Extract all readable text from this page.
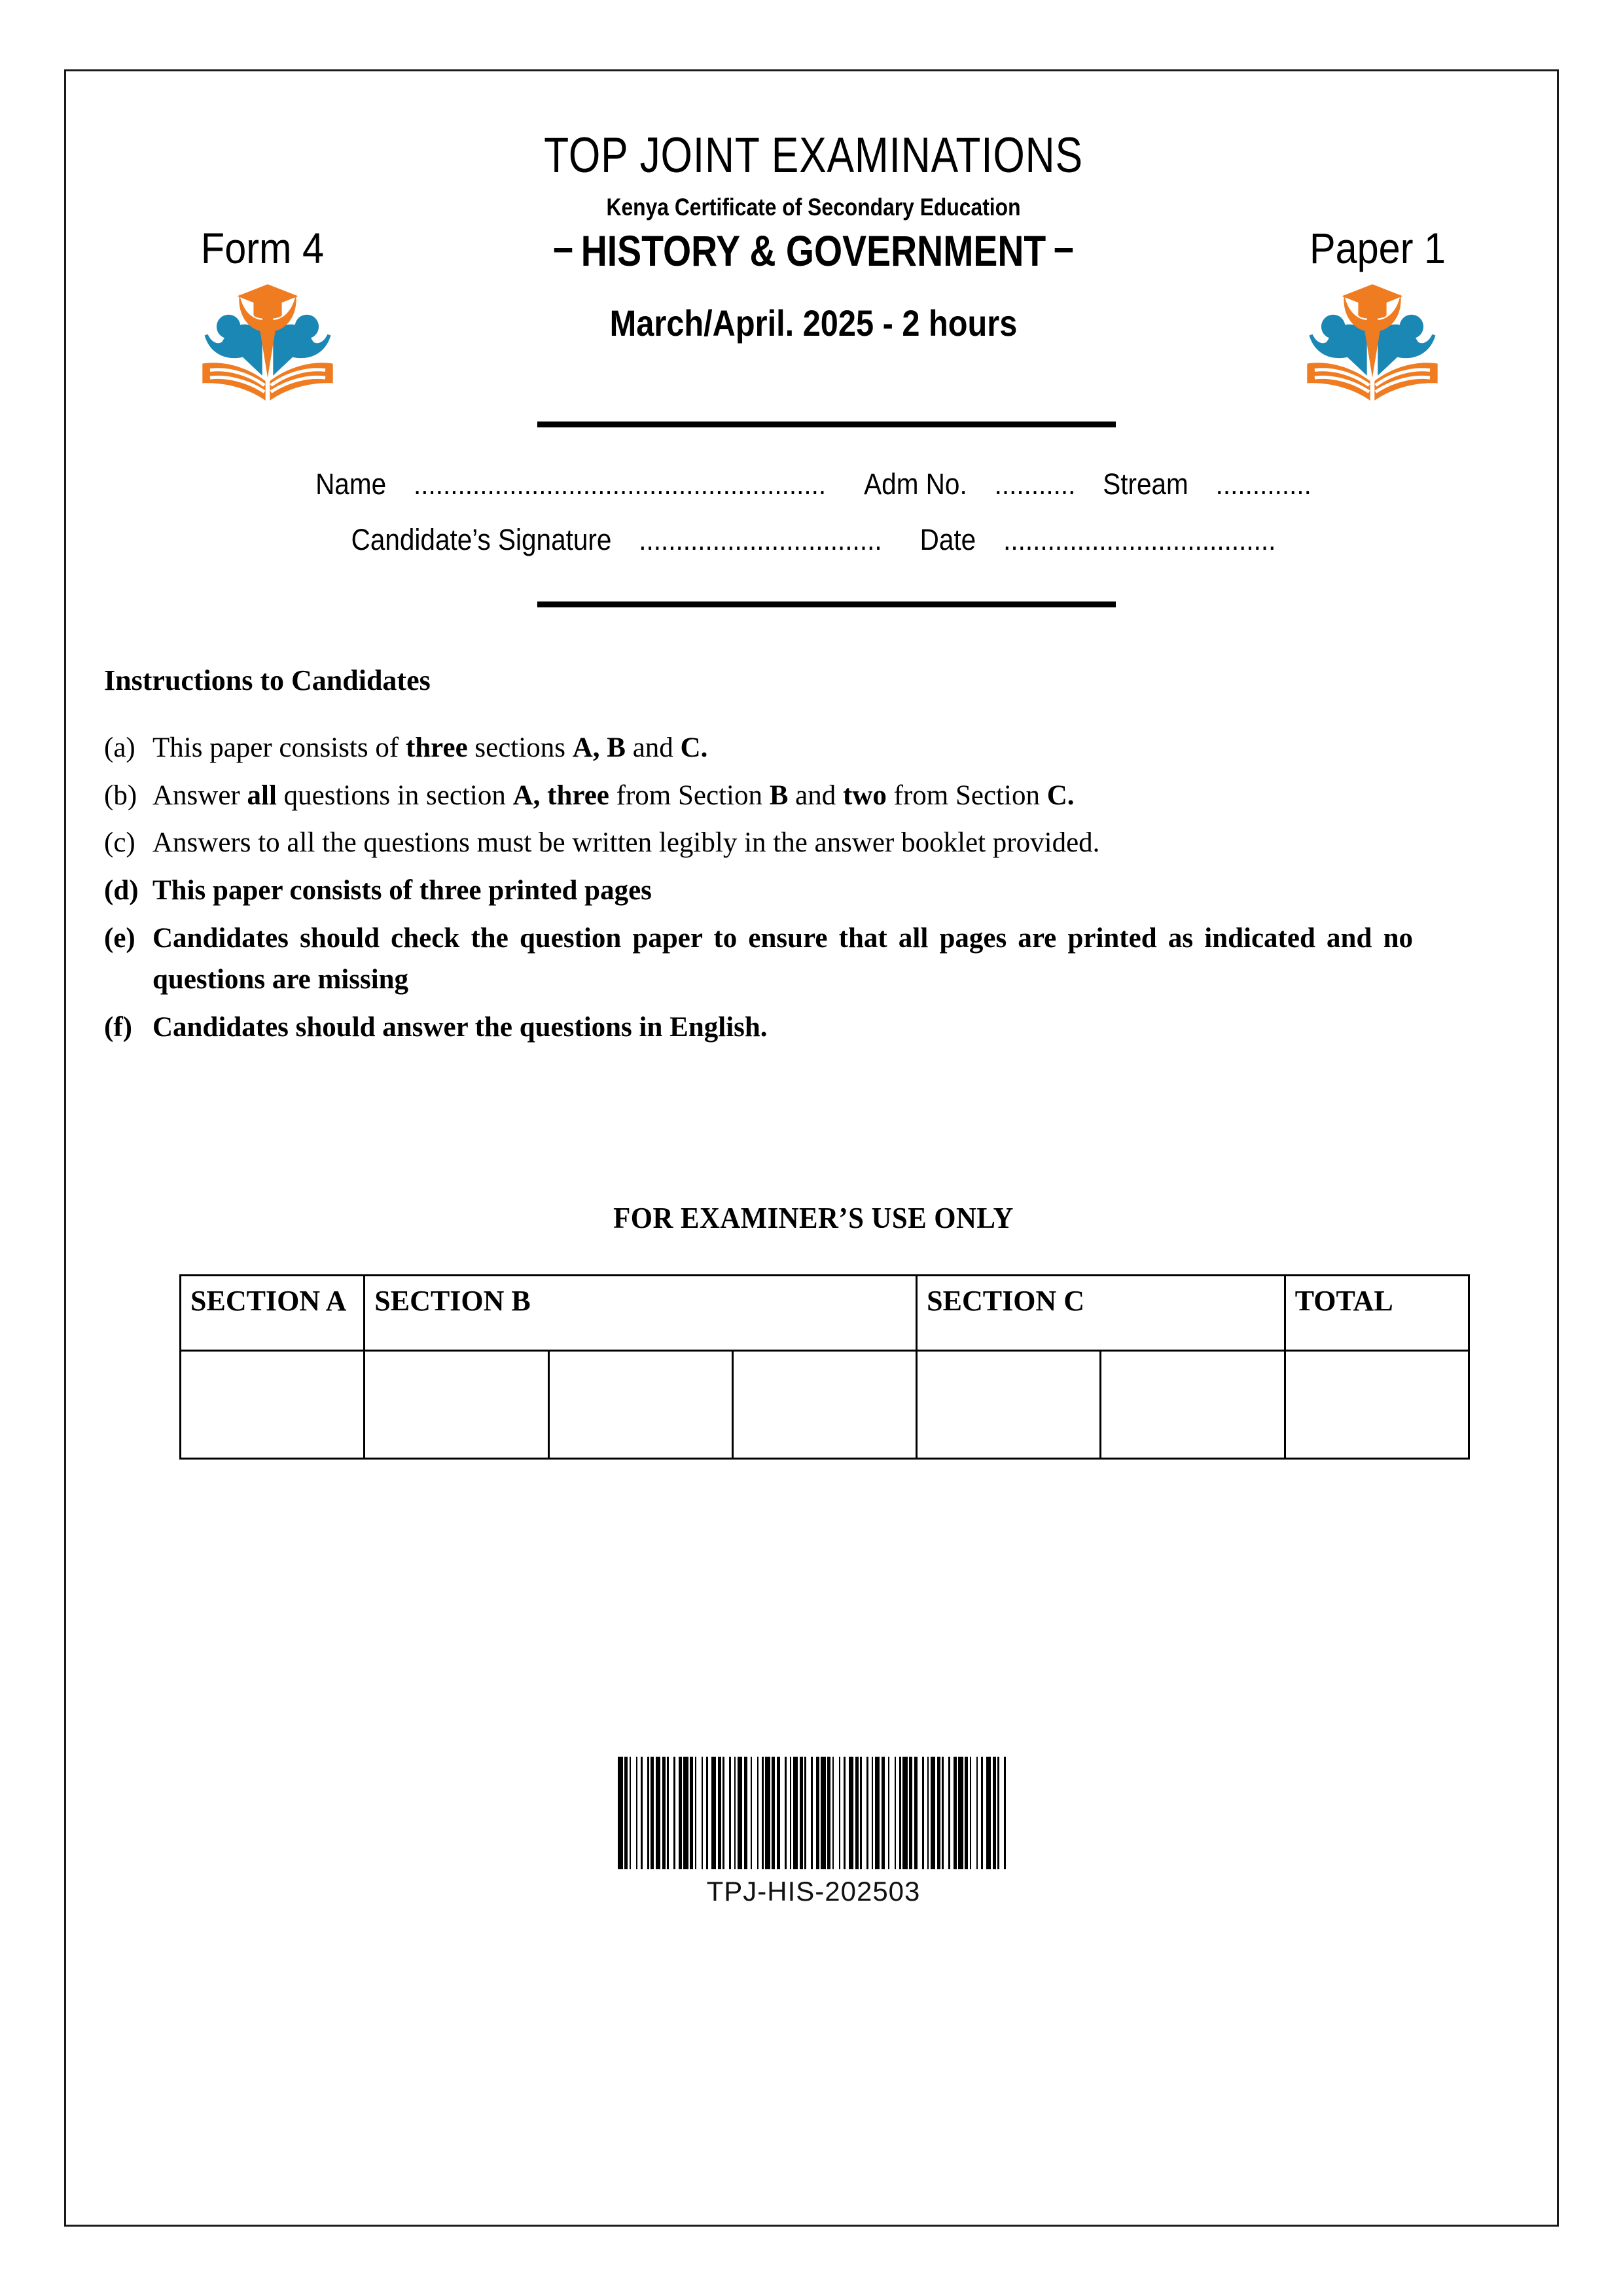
TOP JOINT EXAMINATIONS
Kenya Certificate of Secondary Education
Form 4	– HISTORY & GOVERNMENT –	Paper 1
March/April. 2025 - 2 hours
Name ........................................................ Adm No. ........... Stream .............
Candidate’s Signature ................................. Date .....................................
Instructions to Candidates
(a) This paper consists of three sections A, B and C.
(b) Answer all questions in section A, three from Section B and two from Section C.
(c) Answers to all the questions must be written legibly in the answer booklet provided.
(d) This paper consists of three printed pages
(e) Candidates should check the question paper to ensure that all pages are printed as indicated and no questions are missing
(f) Candidates should answer the questions in English.
FOR EXAMINER’S USE ONLY
SECTION A	SECTION B			SECTION C		TOTAL

TPJ-HIS-202503
